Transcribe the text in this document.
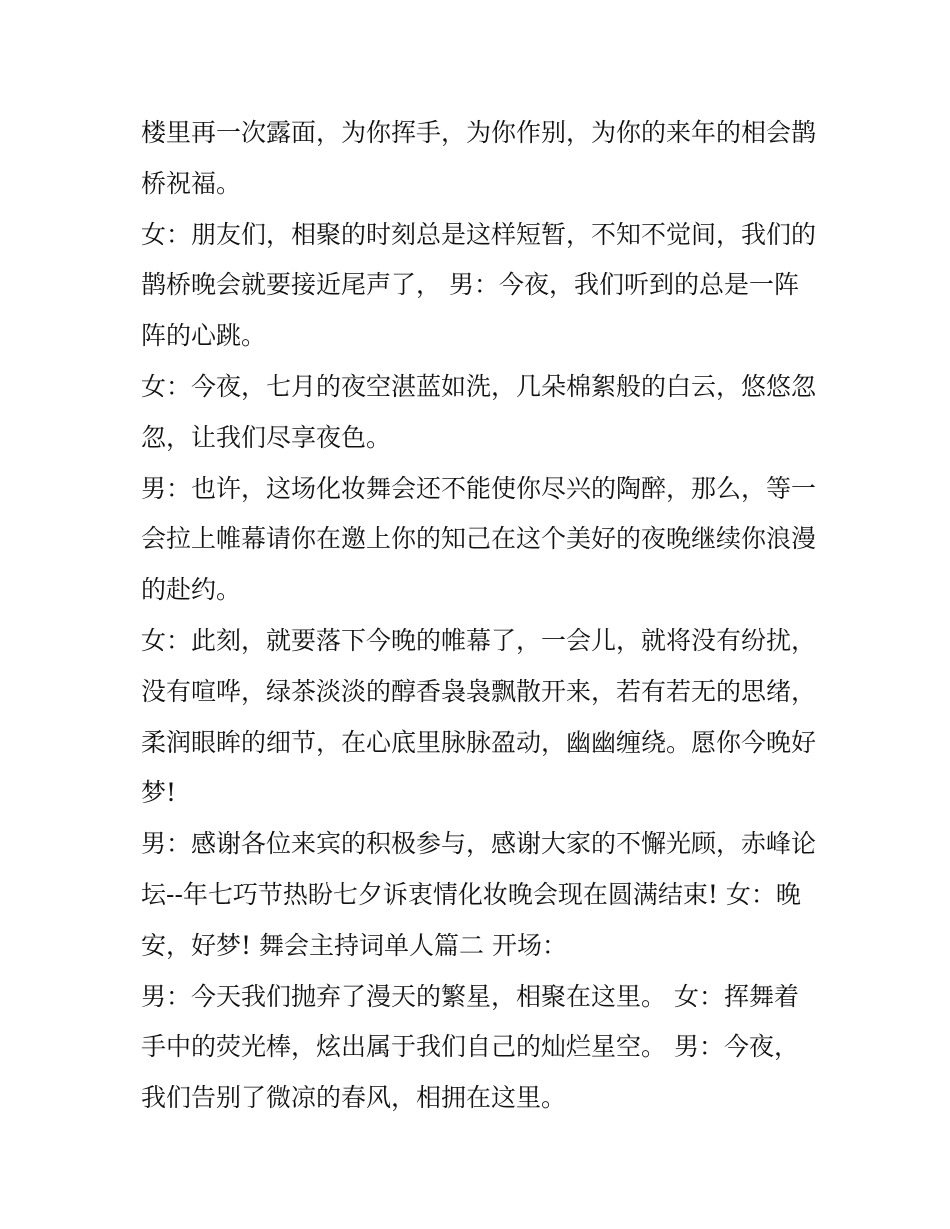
楼里再一次露面，为你挥手，为你作别，为你的来年的相会鹊
桥祝福。
女：朋友们，相聚的时刻总是这样短暂，不知不觉间，我们的
鹊桥晚会就要接近尾声了， 男：今夜，我们听到的总是一阵
阵的心跳。
女：今夜，七月的夜空湛蓝如洗，几朵棉絮般的白云，悠悠忽
忽，让我们尽享夜色。
男：也许，这场化妆舞会还不能使你尽兴的陶醉，那么，等一
会拉上帷幕请你在邀上你的知己在这个美好的夜晚继续你浪漫
的赴约。
女：此刻，就要落下今晚的帷幕了，一会儿，就将没有纷扰，
没有喧哗，绿茶淡淡的醇香袅袅飘散开来，若有若无的思绪，
柔润眼眸的细节，在心底里脉脉盈动，幽幽缠绕。愿你今晚好
梦!
男：感谢各位来宾的积极参与，感谢大家的不懈光顾，赤峰论
坛--年七巧节热盼七夕诉衷情化妆晚会现在圆满结束! 女：晚
安，好梦! 舞会主持词单人篇二 开场：
男：今天我们抛弃了漫天的繁星，相聚在这里。 女：挥舞着
手中的荧光棒，炫出属于我们自己的灿烂星空。 男：今夜，
我们告别了微凉的春风，相拥在这里。
